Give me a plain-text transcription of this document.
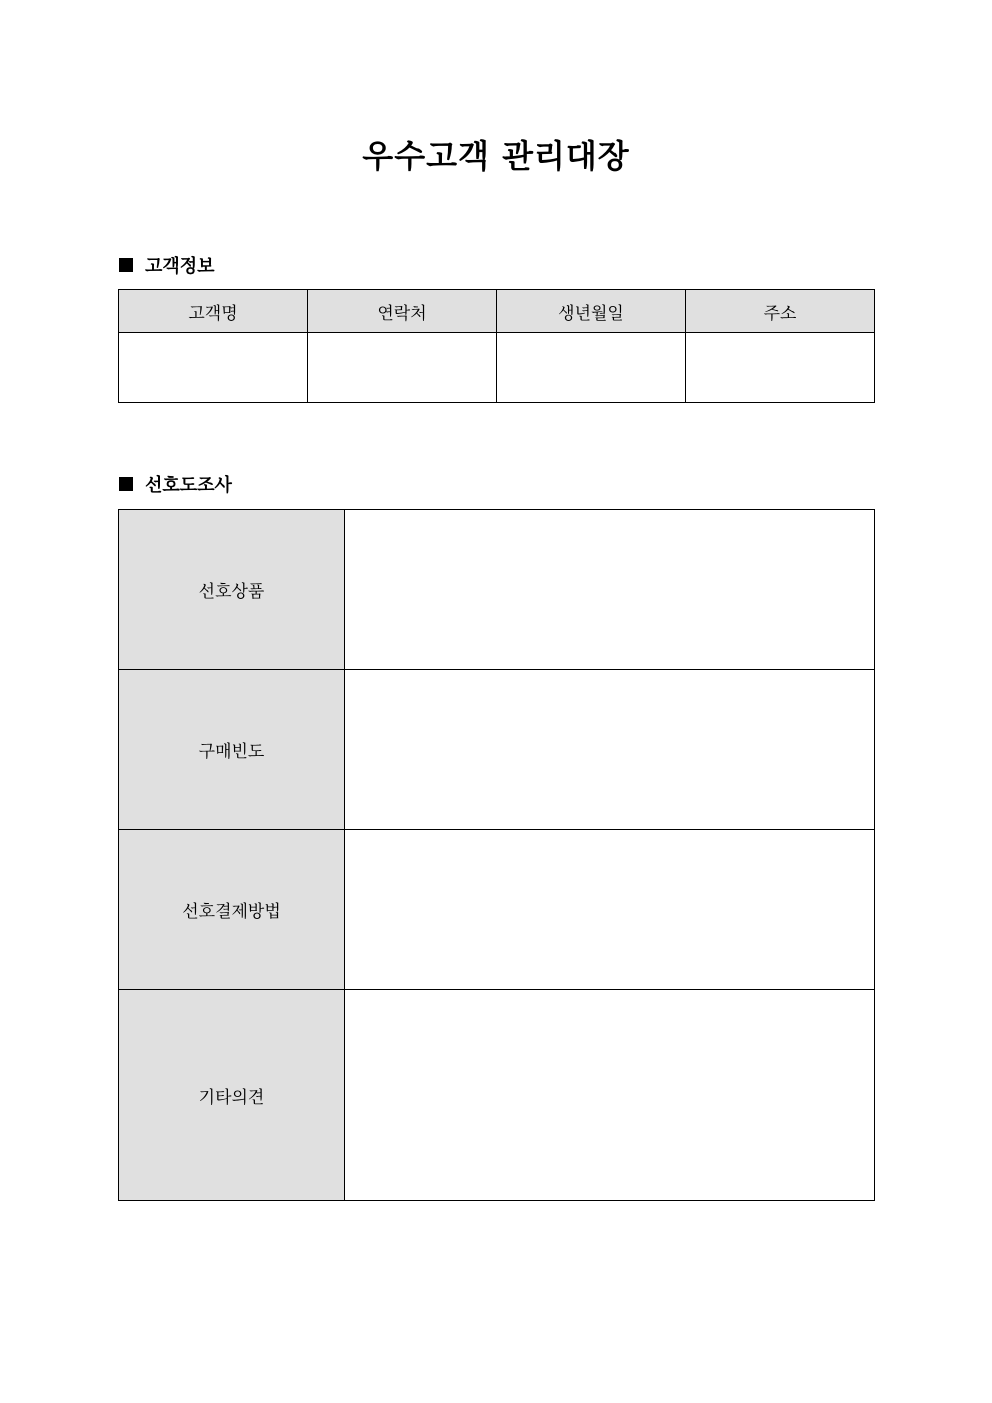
우수고객 관리대장
고객정보
고객명	연락처	생년월일	주소

선호도조사
선호상품	
구매빈도	
선호결제방법	
기타의견	
